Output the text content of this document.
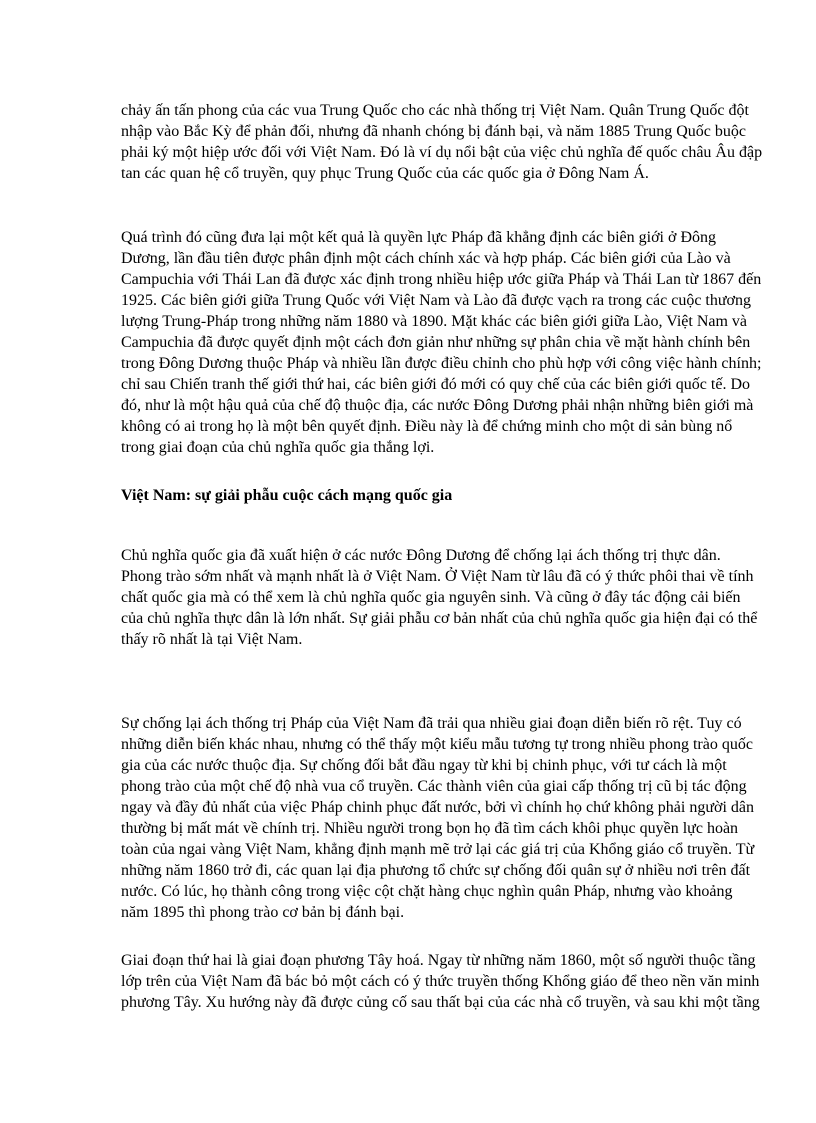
chảy ấn tấn phong của các vua Trung Quốc cho các nhà thống trị Việt Nam. Quân Trung Quốc đột
nhập vào Bắc Kỳ để phản đối, nhưng đã nhanh chóng bị đánh bại, và năm 1885 Trung Quốc buộc
phải ký một hiệp ước đối với Việt Nam. Đó là ví dụ nổi bật của việc chủ nghĩa đế quốc châu Âu đập
tan các quan hệ cổ truyền, quy phục Trung Quốc của các quốc gia ở Đông Nam Á.

Quá trình đó cũng đưa lại một kết quả là quyền lực Pháp đã khẳng định các biên giới ở Đông
Dương, lần đầu tiên được phân định một cách chính xác và hợp pháp. Các biên giới của Lào và
Campuchia với Thái Lan đã được xác định trong nhiều hiệp ước giữa Pháp và Thái Lan từ 1867 đến
1925. Các biên giới giữa Trung Quốc với Việt Nam và Lào đã được vạch ra trong các cuộc thương
lượng Trung-Pháp trong những năm 1880 và 1890. Mặt khác các biên giới giữa Lào, Việt Nam và
Campuchia đã được quyết định một cách đơn giản như những sự phân chia về mặt hành chính bên
trong Đông Dương thuộc Pháp và nhiều lần được điều chỉnh cho phù hợp với công việc hành chính;
chỉ sau Chiến tranh thế giới thứ hai, các biên giới đó mới có quy chế của các biên giới quốc tế. Do
đó, như là một hậu quả của chế độ thuộc địa, các nước Đông Dương phải nhận những biên giới mà
không có ai trong họ là một bên quyết định. Điều này là để chứng minh cho một di sản bùng nổ
trong giai đoạn của chủ nghĩa quốc gia thắng lợi.

Việt Nam: sự giải phẫu cuộc cách mạng quốc gia

Chủ nghĩa quốc gia đã xuất hiện ở các nước Đông Dương để chống lại ách thống trị thực dân.
Phong trào sớm nhất và mạnh nhất là ở Việt Nam. Ở Việt Nam từ lâu đã có ý thức phôi thai về tính
chất quốc gia mà có thể xem là chủ nghĩa quốc gia nguyên sinh. Và cũng ở đây tác động cải biến
của chủ nghĩa thực dân là lớn nhất. Sự giải phẫu cơ bản nhất của chủ nghĩa quốc gia hiện đại có thể
thấy rõ nhất là tại Việt Nam.

Sự chống lại ách thống trị Pháp của Việt Nam đã trải qua nhiều giai đoạn diễn biến rõ rệt. Tuy có
những diễn biến khác nhau, nhưng có thể thấy một kiểu mẫu tương tự trong nhiều phong trào quốc
gia của các nước thuộc địa. Sự chống đối bắt đầu ngay từ khi bị chinh phục, với tư cách là một
phong trào của một chế độ nhà vua cổ truyền. Các thành viên của giai cấp thống trị cũ bị tác động
ngay và đầy đủ nhất của việc Pháp chinh phục đất nước, bởi vì chính họ chứ không phải người dân
thường bị mất mát về chính trị. Nhiều người trong bọn họ đã tìm cách khôi phục quyền lực hoàn
toàn của ngai vàng Việt Nam, khẳng định mạnh mẽ trở lại các giá trị của Khổng giáo cổ truyền. Từ
những năm 1860 trở đi, các quan lại địa phương tổ chức sự chống đối quân sự ở nhiều nơi trên đất
nước. Có lúc, họ thành công trong việc cột chặt hàng chục nghìn quân Pháp, nhưng vào khoảng
năm 1895 thì phong trào cơ bản bị đánh bại.

Giai đoạn thứ hai là giai đoạn phương Tây hoá. Ngay từ những năm 1860, một số người thuộc tầng
lớp trên của Việt Nam đã bác bỏ một cách có ý thức truyền thống Khổng giáo để theo nền văn minh
phương Tây. Xu hướng này đã được củng cố sau thất bại của các nhà cổ truyền, và sau khi một tầng
